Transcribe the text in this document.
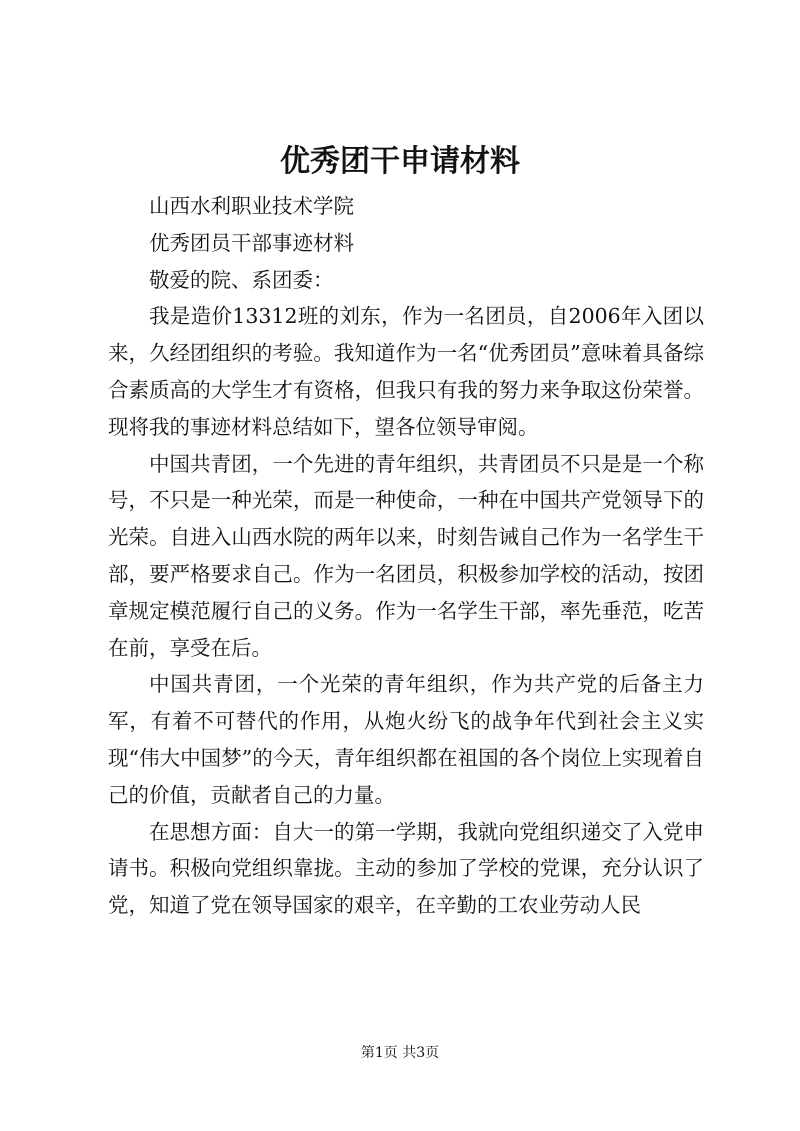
优秀团干申请材料

山西水利职业技术学院

优秀团员干部事迹材料

敬爱的院、系团委：

我是造价13312班的刘东，作为一名团员，自2006年入团以来，久经团组织的考验。我知道作为一名“优秀团员”意味着具备综合素质高的大学生才有资格，但我只有我的努力来争取这份荣誉。现将我的事迹材料总结如下，望各位领导审阅。

中国共青团，一个先进的青年组织，共青团员不只是是一个称号，不只是一种光荣，而是一种使命，一种在中国共产党领导下的光荣。自进入山西水院的两年以来，时刻告诫自己作为一名学生干部，要严格要求自己。作为一名团员，积极参加学校的活动，按团章规定模范履行自己的义务。作为一名学生干部，率先垂范，吃苦在前，享受在后。

中国共青团，一个光荣的青年组织，作为共产党的后备主力军，有着不可替代的作用，从炮火纷飞的战争年代到社会主义实现“伟大中国梦”的今天，青年组织都在祖国的各个岗位上实现着自己的价值，贡献者自己的力量。

在思想方面：自大一的第一学期，我就向党组织递交了入党申请书。积极向党组织靠拢。主动的参加了学校的党课，充分认识了党，知道了党在领导国家的艰辛，在辛勤的工农业劳动人民

第1页 共3页
